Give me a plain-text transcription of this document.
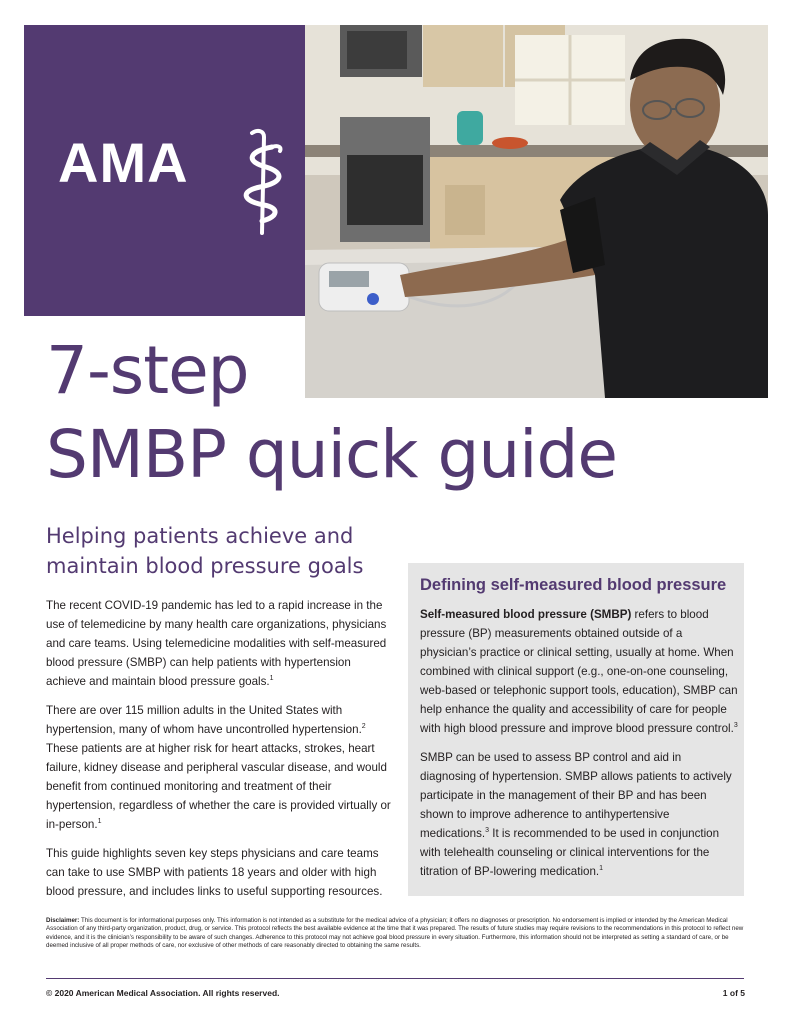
AMA
7-step
SMBP quick guide
Helping patients achieve and maintain blood pressure goals

The recent COVID-19 pandemic has led to a rapid increase in the use of telemedicine by many health care organizations, physicians and care teams. Using telemedicine modalities with self-measured blood pressure (SMBP) can help patients with hypertension achieve and maintain blood pressure goals.$^1$

There are over 115 million adults in the United States with hypertension, many of whom have uncontrolled hypertension.$^2$ These patients are at higher risk for heart attacks, strokes, heart failure, kidney disease and peripheral vascular disease, and would benefit from continued monitoring and treatment of their hypertension, regardless of whether the care is provided virtually or in-person.$^1$

This guide highlights seven key steps physicians and care teams can take to use SMBP with patients 18 years and older with high blood pressure, and includes links to useful supporting resources.

Defining self-measured blood pressure

Self-measured blood pressure (SMBP) refers to blood pressure (BP) measurements obtained outside of a physician’s practice or clinical setting, usually at home. When combined with clinical support (e.g., one-on-one counseling, web-based or telephonic support tools, education), SMBP can help enhance the quality and accessibility of care for people with high blood pressure and improve blood pressure control.$^3$

SMBP can be used to assess BP control and aid in diagnosing of hypertension. SMBP allows patients to actively participate in the management of their BP and has been shown to improve adherence to antihypertensive medications.$^3$ It is recommended to be used in conjunction with telehealth counseling or clinical interventions for the titration of BP-lowering medication.$^1$

Disclaimer: This document is for informational purposes only. This information is not intended as a substitute for the medical advice of a physician; it offers no diagnoses or prescription. No endorsement is implied or intended by the American Medical Association of any third-party organization, product, drug, or service. This protocol reflects the best available evidence at the time that it was prepared. The results of future studies may require revisions to the recommendations in this protocol to reflect new evidence, and it is the clinician’s responsibility to be aware of such changes. Adherence to this protocol may not achieve goal blood pressure in every situation. Furthermore, this information should not be interpreted as setting a standard of care, or be deemed inclusive of all proper methods of care, nor exclusive of other methods of care reasonably directed to obtaining the same results.

© 2020 American Medical Association. All rights reserved.	1 of 5
